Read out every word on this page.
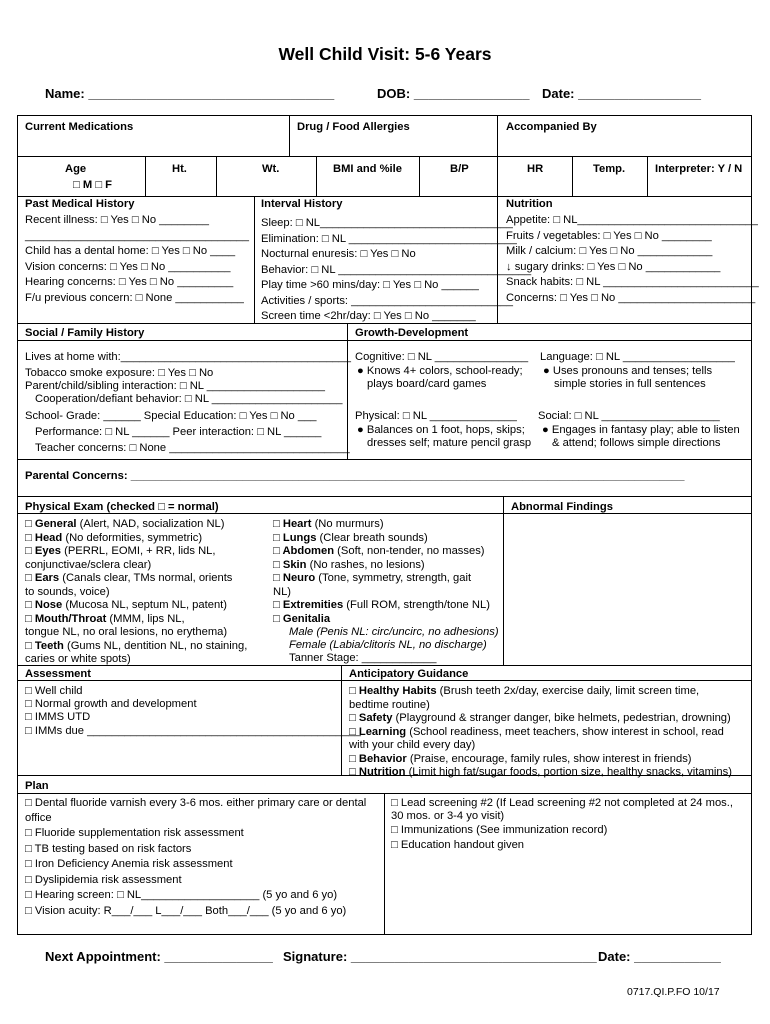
Well Child Visit: 5-6 Years
Name: __________________________________	DOB: ________________ Date: _________________
Current Medications	Drug / Food Allergies	Accompanied By
Age
□ M □ F
Ht.	Wt.	BMI and %ile	B/P	HR	Temp.	Interpreter: Y / N
Past Medical History
Recent illness: □ Yes □ No ________
____________________________________
Child has a dental home: □ Yes □ No ____
Vision concerns: □ Yes □ No __________
Hearing concerns: □ Yes □ No _________
F/u previous concern: □ None ___________
Interval History
Sleep: □ NL_______________________________
Elimination: □ NL ___________________________
Nocturnal enuresis: □ Yes □ No
Behavior: □ NL _______________________________
Play time >60 mins/day: □ Yes □ No ______
Activities / sports: __________________________
Screen time <2hr/day: □ Yes □ No _______
Nutrition
Appetite: □ NL_____________________________
Fruits / vegetables: □ Yes □ No ________
Milk / calcium: □ Yes □ No ____________
↓ sugary drinks: □ Yes □ No ____________
Snack habits: □ NL _________________________
Concerns: □ Yes □ No ______________________
Social / Family History
Lives at home with:_____________________________________
Tobacco smoke exposure: □ Yes □ No
Parent/child/sibling interaction: □ NL ___________________
Cooperation/defiant behavior: □ NL _____________________
School- Grade: ______ Special Education: □ Yes □ No ___
Performance: □ NL ______ Peer interaction: □ NL ______
Teacher concerns: □ None _____________________________
Growth-Development
Cognitive: □ NL _______________
● Knows 4+ colors, school-ready;
plays board/card games
Language: □ NL __________________
● Uses pronouns and tenses; tells
simple stories in full sentences
Physical: □ NL ______________
● Balances on 1 foot, hops, skips;
dresses self; mature pencil grasp
Social: □ NL ___________________
● Engages in fantasy play; able to listen
& attend; follows simple directions
Parental Concerns: _________________________________________________________________________________________
Physical Exam (checked □ = normal)	Abnormal Findings
□ General (Alert, NAD, socialization NL)
□ Head (No deformities, symmetric)
□ Eyes (PERRL, EOMI, + RR, lids NL,
conjunctivae/sclera clear)
□ Ears (Canals clear, TMs normal, orients
to sounds, voice)
□ Nose (Mucosa NL, septum NL, patent)
□ Mouth/Throat (MMM, lips NL,
tongue NL, no oral lesions, no erythema)
□ Teeth (Gums NL, dentition NL, no staining,
caries or white spots)
□ Heart (No murmurs)
□ Lungs (Clear breath sounds)
□ Abdomen (Soft, non-tender, no masses)
□ Skin (No rashes, no lesions)
□ Neuro (Tone, symmetry, strength, gait
NL)
□ Extremities (Full ROM, strength/tone NL)
□ Genitalia
Male (Penis NL: circ/uncirc, no adhesions)
Female (Labia/clitoris NL, no discharge)
Tanner Stage: ____________
Assessment
□ Well child
□ Normal growth and development
□ IMMS UTD
□ IMMs due ____________________________________________
Anticipatory Guidance
□ Healthy Habits (Brush teeth 2x/day, exercise daily, limit screen time,
bedtime routine)
□ Safety (Playground & stranger danger, bike helmets, pedestrian, drowning)
□ Learning (School readiness, meet teachers, show interest in school, read
with your child every day)
□ Behavior (Praise, encourage, family rules, show interest in friends)
□ Nutrition (Limit high fat/sugar foods, portion size, healthy snacks, vitamins)
Plan
□ Dental fluoride varnish every 3-6 mos. either primary care or dental
office
□ Fluoride supplementation risk assessment
□ TB testing based on risk factors
□ Iron Deficiency Anemia risk assessment
□ Dyslipidemia risk assessment
□ Hearing screen: □ NL___________________ (5 yo and 6 yo)
□ Vision acuity: R___/___ L___/___ Both___/___ (5 yo and 6 yo)
□ Lead screening #2 (If Lead screening #2 not completed at 24 mos.,
30 mos. or 3-4 yo visit)
□ Immunizations (See immunization record)
□ Education handout given
Next Appointment: _______________ Signature: __________________________________ Date: ____________
0717.QI.P.FO 10/17
